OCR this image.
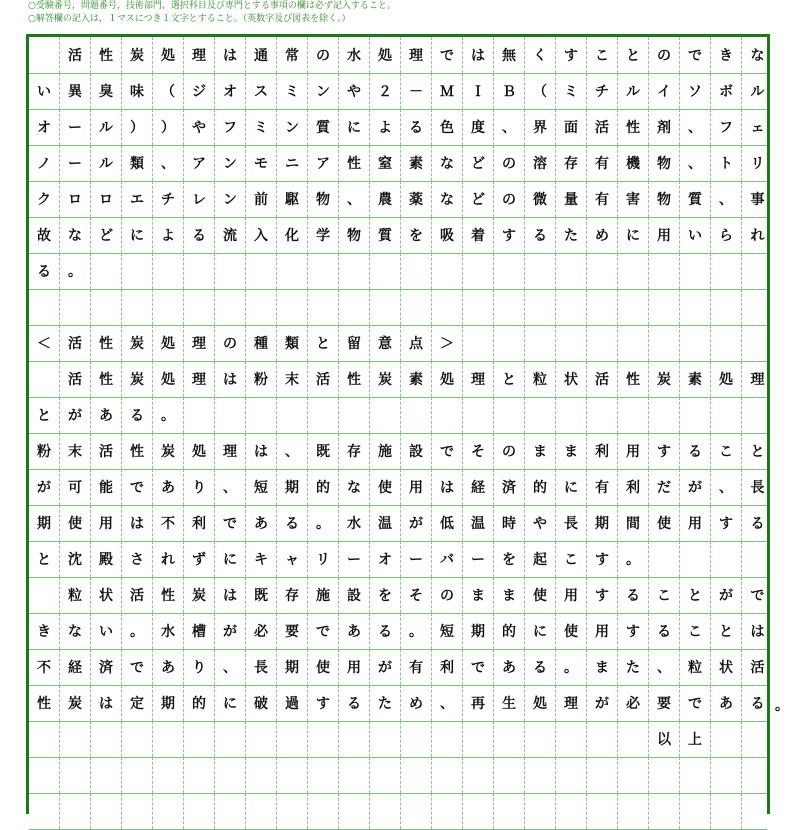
○受験番号，問題番号，技術部門，選択科目及び専門とする事項の欄は必ず記入すること。
○解答欄の記入は，１マスにつき１文字とすること。（英数字及び図表を除く。）
活	性	炭	処	理	は	通	常	の	水	処	理	で	は	無	く	す	こ	と	の	で	き	な
い	異	臭	味	（	ジ	オ	ス	ミ	ン	や	２	－	Ｍ	Ｉ	Ｂ	（	ミ	チ	ル	イ	ソ	ボ	ル
オ	ー	ル	）	）	や	フ	ミ	ン	質	に	よ	る	色	度	、	界	面	活	性	剤	、	フ	ェ
ノ	ー	ル	類	、	ア	ン	モ	ニ	ア	性	窒	素	な	ど	の	溶	存	有	機	物	、	ト	リ
ク	ロ	ロ	エ	チ	レ	ン	前	駆	物	、	農	薬	な	ど	の	微	量	有	害	物	質	、	事
故	な	ど	に	よ	る	流	入	化	学	物	質	を	吸	着	す	る	た	め	に	用	い	ら	れ
る	。
＜	活	性	炭	処	理	の	種	類	と	留	意	点	＞
活	性	炭	処	理	は	粉	末	活	性	炭	素	処	理	と	粒	状	活	性	炭	素	処	理
と	が	あ	る	。
粉	末	活	性	炭	処	理	は	、	既	存	施	設	で	そ	の	ま	ま	利	用	す	る	こ	と
が	可	能	で	あ	り	、	短	期	的	な	使	用	は	経	済	的	に	有	利	だ	が	、	長
期	使	用	は	不	利	で	あ	る	。	水	温	が	低	温	時	や	長	期	間	使	用	す	る
と	沈	殿	さ	れ	ず	に	キ	ャ	リ	ー	オ	ー	バ	ー	を	起	こ	す	。
粒	状	活	性	炭	は	既	存	施	設	を	そ	の	ま	ま	使	用	す	る	こ	と	が	で
き	な	い	。	水	槽	が	必	要	で	あ	る	。	短	期	的	に	使	用	す	る	こ	と	は
不	経	済	で	あ	り	、	長	期	使	用	が	有	利	で	あ	る	。	ま	た	、	粒	状	活
性	炭	は	定	期	的	に	破	過	す	る	た	め	、	再	生	処	理	が	必	要	で	あ	る
以	上
。
